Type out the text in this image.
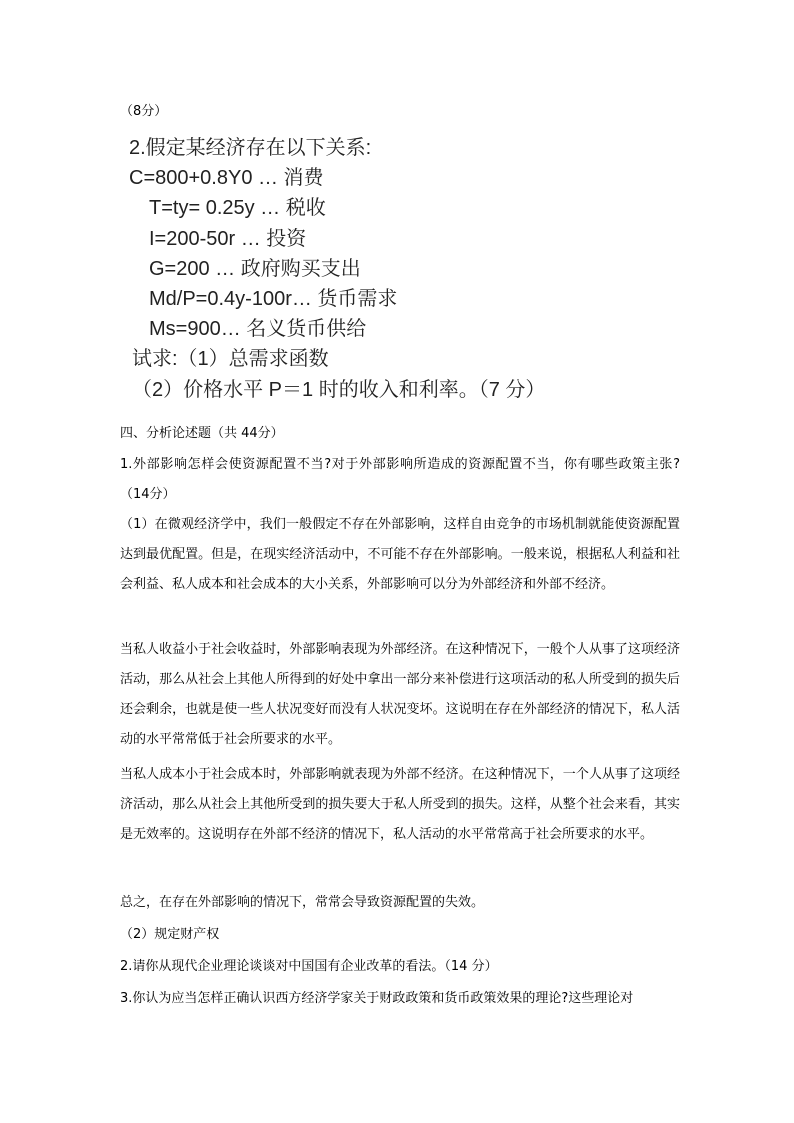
（8分）
2.假定某经济存在以下关系:
C=800+0.8Y0 … 消费
T=ty= 0.25y … 税收
I=200-50r … 投资
G=200 … 政府购买支出
Md/P=0.4y-100r… 货币需求
Ms=900… 名义货币供给
试求:（1）总需求函数
（2）价格水平 P＝1 时的收入和利率。（7 分）
四、分析论述题（共 44分）

1.外部影响怎样会使资源配置不当?对于外部影响所造成的资源配置不当，你有哪些政策主张?（14分）

（1）在微观经济学中，我们一般假定不存在外部影响，这样自由竞争的市场机制就能使资源配置达到最优配置。但是，在现实经济活动中，不可能不存在外部影响。一般来说，根据私人利益和社会利益、私人成本和社会成本的大小关系，外部影响可以分为外部经济和外部不经济。

当私人收益小于社会收益时，外部影响表现为外部经济。在这种情况下，一般个人从事了这项经济活动，那么从社会上其他人所得到的好处中拿出一部分来补偿进行这项活动的私人所受到的损失后还会剩余，也就是使一些人状况变好而没有人状况变坏。这说明在存在外部经济的情况下，私人活动的水平常常低于社会所要求的水平。

当私人成本小于社会成本时，外部影响就表现为外部不经济。在这种情况下，一个人从事了这项经济活动，那么从社会上其他所受到的损失要大于私人所受到的损失。这样，从整个社会来看，其实是无效率的。这说明存在外部不经济的情况下，私人活动的水平常常高于社会所要求的水平。

总之，在存在外部影响的情况下，常常会导致资源配置的失效。
（2）规定财产权
2.请你从现代企业理论谈谈对中国国有企业改革的看法。（14 分）
3.你认为应当怎样正确认识西方经济学家关于财政政策和货币政策效果的理论?这些理论对
